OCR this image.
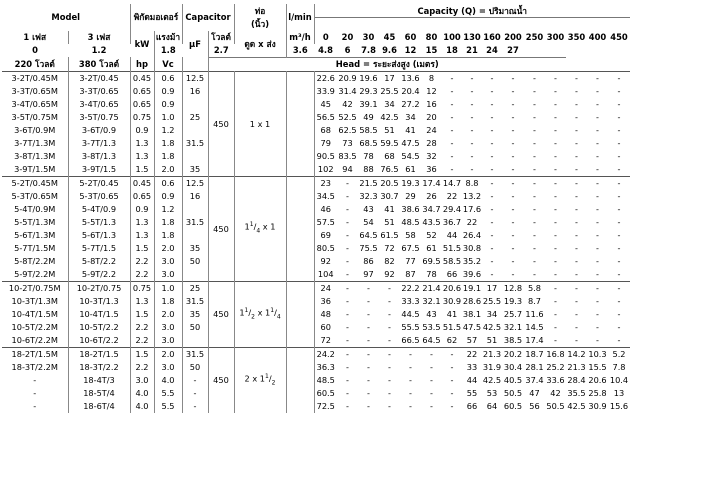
Model		พิกัดมอเตอร์		Capacitor		ท่อ	l/min	Capacity (Q) = ปริมาณน้ำ														
						(นิ้ว)																
1 เฟส	3 เฟส	kW	แรงม้า	µF	โวลต์	ดูด x ส่ง	m³/h	0	20	30	45	60	80	100	130	160	200	250	300	350	400	450
0	1.2		1.8		2.7		3.6	4.8	6	7.8	9.6	12	15	18	21	24	27					
220 โวลต์	380 โวลต์	hp	Vc		Head = ระยะส่งสูง (เมตร)																	
3-2T/0.45M	3-2T/0.45	0.45	0.6	12.5	450	1 x 1		22.6	20.9	19.6	17	13.6	8	-	-	-	-	-	-	-	-	-
3-3T/0.65M	3-3T/0.65	0.65	0.9	16				33.9	31.4	29.3	25.5	20.4	12	-	-	-	-	-	-	-	-	-
3-4T/0.65M	3-4T/0.65	0.65	0.9					45	42	39.1	34	27.2	16	-	-	-	-	-	-	-	-	-
3-5T/0.75M	3-5T/0.75	0.75	1.0	25				56.5	52.5	49	42.5	34	20	-	-	-	-	-	-	-	-	-
3-6T/0.9M	3-6T/0.9	0.9	1.2					68	62.5	58.5	51	41	24	-	-	-	-	-	-	-	-	-
3-7T/1.3M	3-7T/1.3	1.3	1.8	31.5				79	73	68.5	59.5	47.5	28	-	-	-	-	-	-	-	-	-
3-8T/1.3M	3-8T/1.3	1.3	1.8					90.5	83.5	78	68	54.5	32	-	-	-	-	-	-	-	-	-
3-9T/1.5M	3-9T/1.5	1.5	2.0	35				102	94	88	76.5	61	36	-	-	-	-	-	-	-	-	-
5-2T/0.45M	5-2T/0.45	0.45	0.6	12.5	450	$1^1/_4$ x 1		23	-	21.5	20.5	19.3	17.4	14.7	8.8	-	-	-	-	-	-	-
5-3T/0.65M	5-3T/0.65	0.65	0.9	16				34.5	-	32.3	30.7	29	26	22	13.2	-	-	-	-	-	-	-
5-4T/0.9M	5-4T/0.9	0.9	1.2					46	-	43	41	38.6	34.7	29.4	17.6	-	-	-	-	-	-	-
5-5T/1.3M	5-5T/1.3	1.3	1.8	31.5				57.5	-	54	51	48.5	43.5	36.7	22	-	-	-	-	-	-	-
5-6T/1.3M	5-6T/1.3	1.3	1.8					69	-	64.5	61.5	58	52	44	26.4	-	-	-	-	-	-	-
5-7T/1.5M	5-7T/1.5	1.5	2.0	35				80.5	-	75.5	72	67.5	61	51.5	30.8	-	-	-	-	-	-	-
5-8T/2.2M	5-8T/2.2	2.2	3.0	50				92	-	86	82	77	69.5	58.5	35.2	-	-	-	-	-	-	-
5-9T/2.2M	5-9T/2.2	2.2	3.0					104	-	97	92	87	78	66	39.6	-	-	-	-	-	-	-
10-2T/0.75M	10-2T/0.75	0.75	1.0	25	450	$1^1/_2$ x $1^1/_4$		24	-	-	-	22.2	21.4	20.6	19.1	17	12.8	5.8	-	-	-	-
10-3T/1.3M	10-3T/1.3	1.3	1.8	31.5				36	-	-	-	33.3	32.1	30.9	28.6	25.5	19.3	8.7	-	-	-	-
10-4T/1.5M	10-4T/1.5	1.5	2.0	35				48	-	-	-	44.5	43	41	38.1	34	25.7	11.6	-	-	-	-
10-5T/2.2M	10-5T/2.2	2.2	3.0	50				60	-	-	-	55.5	53.5	51.5	47.5	42.5	32.1	14.5	-	-	-	-
10-6T/2.2M	10-6T/2.2	2.2	3.0					72	-	-	-	66.5	64.5	62	57	51	38.5	17.4	-	-	-	-
18-2T/1.5M	18-2T/1.5	1.5	2.0	31.5	450	2 x $1^1/_2$		24.2	-	-	-	-	-	-	22	21.3	20.2	18.7	16.8	14.2	10.3	5.2
18-3T/2.2M	18-3T/2.2	2.2	3.0	50				36.3	-	-	-	-	-	-	33	31.9	30.4	28.1	25.2	21.3	15.5	7.8
-	18-4T/3	3.0	4.0	-				48.5	-	-	-	-	-	-	44	42.5	40.5	37.4	33.6	28.4	20.6	10.4
-	18-5T/4	4.0	5.5	-				60.5	-	-	-	-	-	-	55	53	50.5	47	42	35.5	25.8	13
-	18-6T/4	4.0	5.5	-				72.5	-	-	-	-	-	-	66	64	60.5	56	50.5	42.5	30.9	15.6
